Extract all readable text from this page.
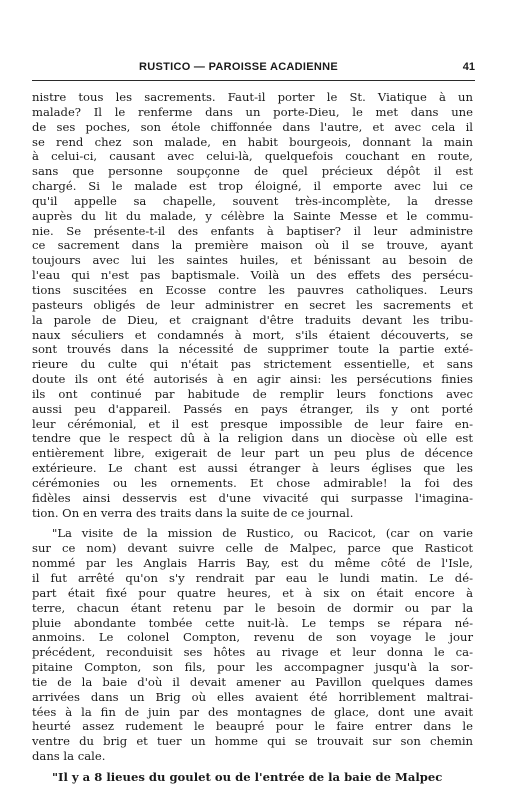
RUSTICO — PAROISSE ACADIENNE	41
nistre tous les sacrements. Faut-il porter le St. Viatique à un
malade? Il le renferme dans un porte-Dieu, le met dans une
de ses poches, son étole chiffonnée dans l'autre, et avec cela il
se rend chez son malade, en habit bourgeois, donnant la main
à celui-ci, causant avec celui-là, quelquefois couchant en route,
sans que personne soupçonne de quel précieux dépôt il est
chargé. Si le malade est trop éloigné, il emporte avec lui ce
qu'il appelle sa chapelle, souvent très-incomplète, la dresse
auprès du lit du malade, y célèbre la Sainte Messe et le commu-
nie. Se présente-t-il des enfants à baptiser? il leur administre
ce sacrement dans la première maison où il se trouve, ayant
toujours avec lui les saintes huiles, et bénissant au besoin de
l'eau qui n'est pas baptismale. Voilà un des effets des persécu-
tions suscitées en Ecosse contre les pauvres catholiques. Leurs
pasteurs obligés de leur administrer en secret les sacrements et
la parole de Dieu, et craignant d'être traduits devant les tribu-
naux séculiers et condamnés à mort, s'ils étaient découverts, se
sont trouvés dans la nécessité de supprimer toute la partie exté-
rieure du culte qui n'était pas strictement essentielle, et sans
doute ils ont été autorisés à en agir ainsi: les persécutions finies
ils ont continué par habitude de remplir leurs fonctions avec
aussi peu d'appareil. Passés en pays étranger, ils y ont porté
leur cérémonial, et il est presque impossible de leur faire en-
tendre que le respect dû à la religion dans un diocèse où elle est
entièrement libre, exigerait de leur part un peu plus de décence
extérieure. Le chant est aussi étranger à leurs églises que les
cérémonies ou les ornements. Et chose admirable! la foi des
fidèles ainsi desservis est d'une vivacité qui surpasse l'imagina-
tion. On en verra des traits dans la suite de ce journal.
"La visite de la mission de Rustico, ou Racicot, (car on varie
sur ce nom) devant suivre celle de Malpec, parce que Rasticot
nommé par les Anglais Harris Bay, est du même côté de l'Isle,
il fut arrêté qu'on s'y rendrait par eau le lundi matin. Le dé-
part était fixé pour quatre heures, et à six on était encore à
terre, chacun étant retenu par le besoin de dormir ou par la
pluie abondante tombée cette nuit-là. Le temps se répara né-
anmoins. Le colonel Compton, revenu de son voyage le jour
précédent, reconduisit ses hôtes au rivage et leur donna le ca-
pitaine Compton, son fils, pour les accompagner jusqu'à la sor-
tie de la baie d'où il devait amener au Pavillon quelques dames
arrivées dans un Brig où elles avaient été horriblement maltrai-
tées à la fin de juin par des montagnes de glace, dont une avait
heurté assez rudement le beaupré pour le faire entrer dans le
ventre du brig et tuer un homme qui se trouvait sur son chemin
dans la cale.
"Il y a 8 lieues du goulet ou de l'entrée de la baie de Malpec
